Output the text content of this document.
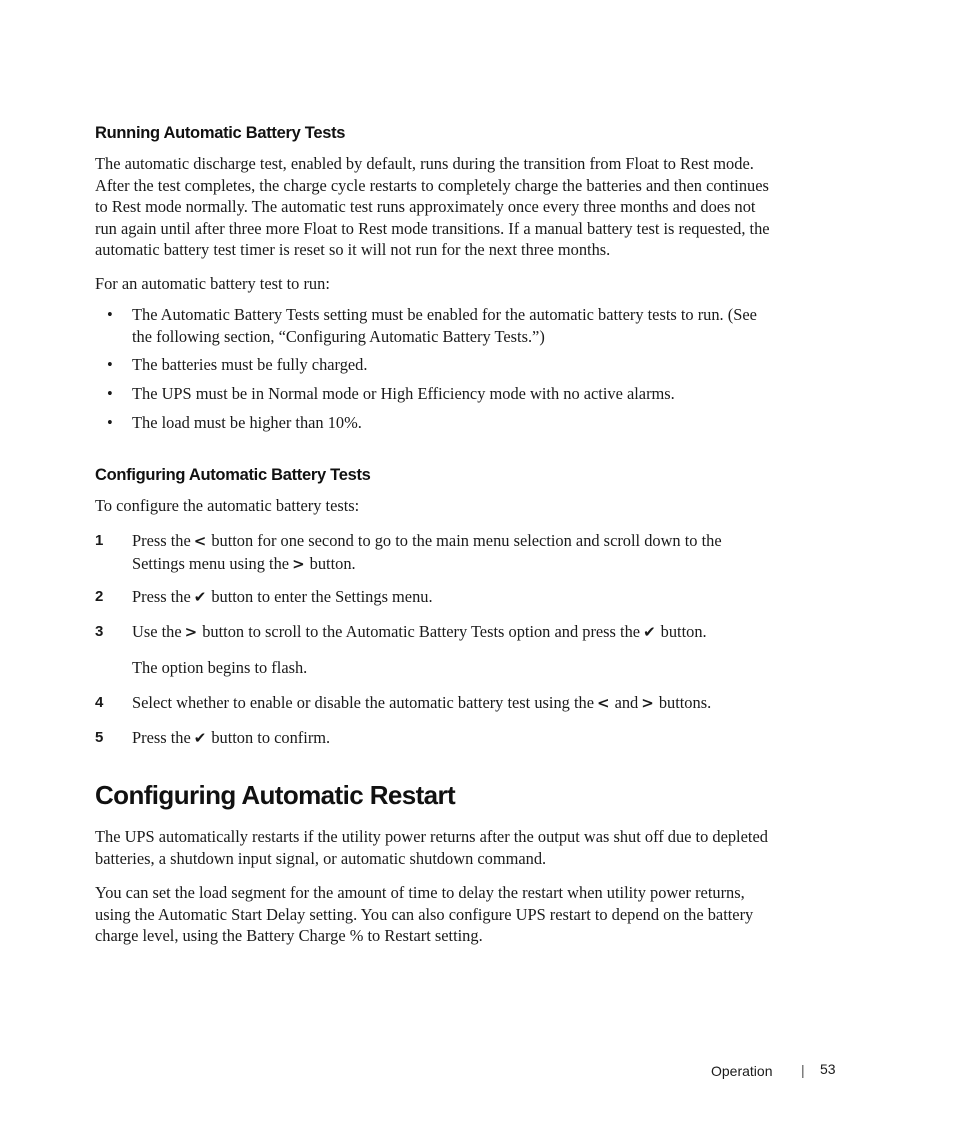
Running Automatic Battery Tests
The automatic discharge test, enabled by default, runs during the transition from Float to Rest mode.
After the test completes, the charge cycle restarts to completely charge the batteries and then continues
to Rest mode normally. The automatic test runs approximately once every three months and does not
run again until after three more Float to Rest mode transitions. If a manual battery test is requested, the
automatic battery test timer is reset so it will not run for the next three months.
For an automatic battery test to run:
• The Automatic Battery Tests setting must be enabled for the automatic battery tests to run. (See
the following section, “Configuring Automatic Battery Tests.”)
• The batteries must be fully charged.
• The UPS must be in Normal mode or High Efficiency mode with no active alarms.
• The load must be higher than 10%.
Configuring Automatic Battery Tests
To configure the automatic battery tests:
1 Press the < button for one second to go to the main menu selection and scroll down to the
Settings menu using the > button.
2 Press the ✔ button to enter the Settings menu.
3 Use the > button to scroll to the Automatic Battery Tests option and press the ✔ button.
The option begins to flash.
4 Select whether to enable or disable the automatic battery test using the < and > buttons.
5 Press the ✔ button to confirm.
Configuring Automatic Restart
The UPS automatically restarts if the utility power returns after the output was shut off due to depleted
batteries, a shutdown input signal, or automatic shutdown command.
You can set the load segment for the amount of time to delay the restart when utility power returns,
using the Automatic Start Delay setting. You can also configure UPS restart to depend on the battery
charge level, using the Battery Charge % to Restart setting.
Operation | 53
